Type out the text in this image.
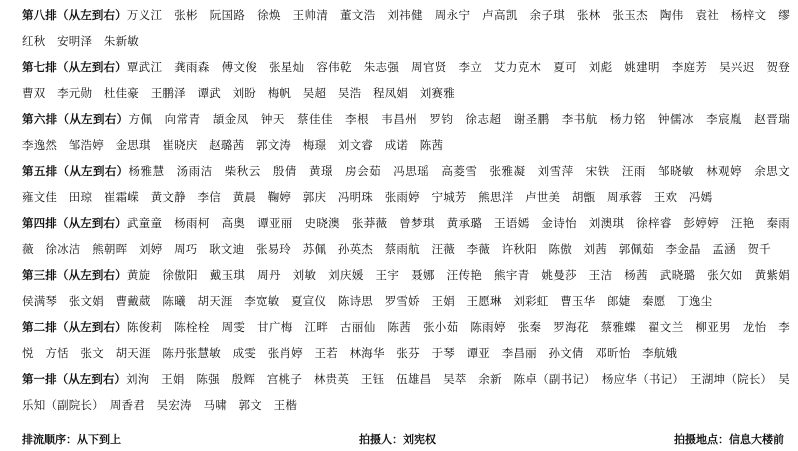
第八排（从左到右）万义江　张彬　阮国路　徐焕　王帅清　董文浩　刘祎健　周永宁　卢高凯　余子琪　张林　张玉杰　陶伟　袁社　杨梓文　缪红秋　安明泽　朱新敏

第七排（从左到右）覃武江　龚雨森　傅文俊　张星灿　容伟乾　朱志强　周官贤　李立　艾力克木　夏可　刘彪　姚建明　李庭芳　吴兴迟　贺登　曹双　李元勋　杜佳豪　王鹏泽　谭武　刘盼　梅帆　吴超　吴浩　程凤娟　刘赛雅

第六排（从左到右）方佩　向常青　頡金凤　钟天　蔡佳佳　李根　韦昌州　罗钧　徐志超　谢圣鹏　李书航　杨力铭　钟儒冰　李宸胤　赵晋瑞　李逸然　邹浩婷　金思琪　崔晓庆　赵璐茜　郭文涛　梅璟　刘文睿　成诺　陈茜

第五排（从左到右）杨雅慧　汤雨洁　柴秋云　殷倩　黄璟　房会茹　冯思瑶　高菱雪　张雅凝　刘雪萍　宋铁　汪雨　邹晓敏　林观婷　余思文　雍文佳　田琼　崔霜嵘　黄文静　李信　黄晨　鞠婷　郭庆　冯明珠　张雨婷　宁城芳　熊思洋　卢世美　胡甑　周承蓉　王欢　冯嫣

第四排（从左到右）武童童　杨雨柯　高奥　谭亚丽　史晓澳　张莽薇　曾梦琪　黄承璐　王语嫣　金诗怡　刘澳琪　徐梓睿　彭婷婷　汪艳　秦雨薇　徐冰洁　熊朝晖　刘婷　周巧　耿文迪　张易玲　苏佩　孙英杰　蔡雨航　汪薇　李薇　许秋阳　陈傲　刘茜　郭佩茹　李金晶　孟涵　贺千

第三排（从左到右）黄旋　徐傲阳　戴玉琪　周丹　刘敏　刘庆媛　王宇　聂娜　汪传艳　熊宇青　姚曼莎　王洁　杨茜　武晓璐　张欠如　黄紫娟　侯满琴　张文娟　曹戴葳　陈曦　胡天涯　李宽敏　夏宣仪　陈诗思　罗雪娇　王娟　王愿琳　刘彩虹　曹玉华　郎婕　秦愿　丁逸尘

第二排（从左到右）陈俊莉　陈栓栓　周雯　甘广梅　江畔　古丽仙　陈茜　张小茹　陈雨婷　张秦　罗海花　蔡雅蝶　翟文兰　柳亚男　龙怡　李悦　方恬　张文　胡天涯　陈丹张慧敏　成雯　张肖婷　王若　林海华　张芬　于琴　谭亚　李昌丽　孙文倩　邓昕怡　李航娥

第一排（从左到右）刘洵　王娟　陈强　殷辉　宫桃子　林贵英　王钰　伍雄昌　吴萃　余新　陈卓（副书记）　杨应华（书记）　王湖坤（院长）　吴乐知（副院长）　周香君　吴宏涛　马啸　郭文　王楷

排流顺序：从下到上	拍摄人：刘宪权	拍摄地点：信息大楼前
